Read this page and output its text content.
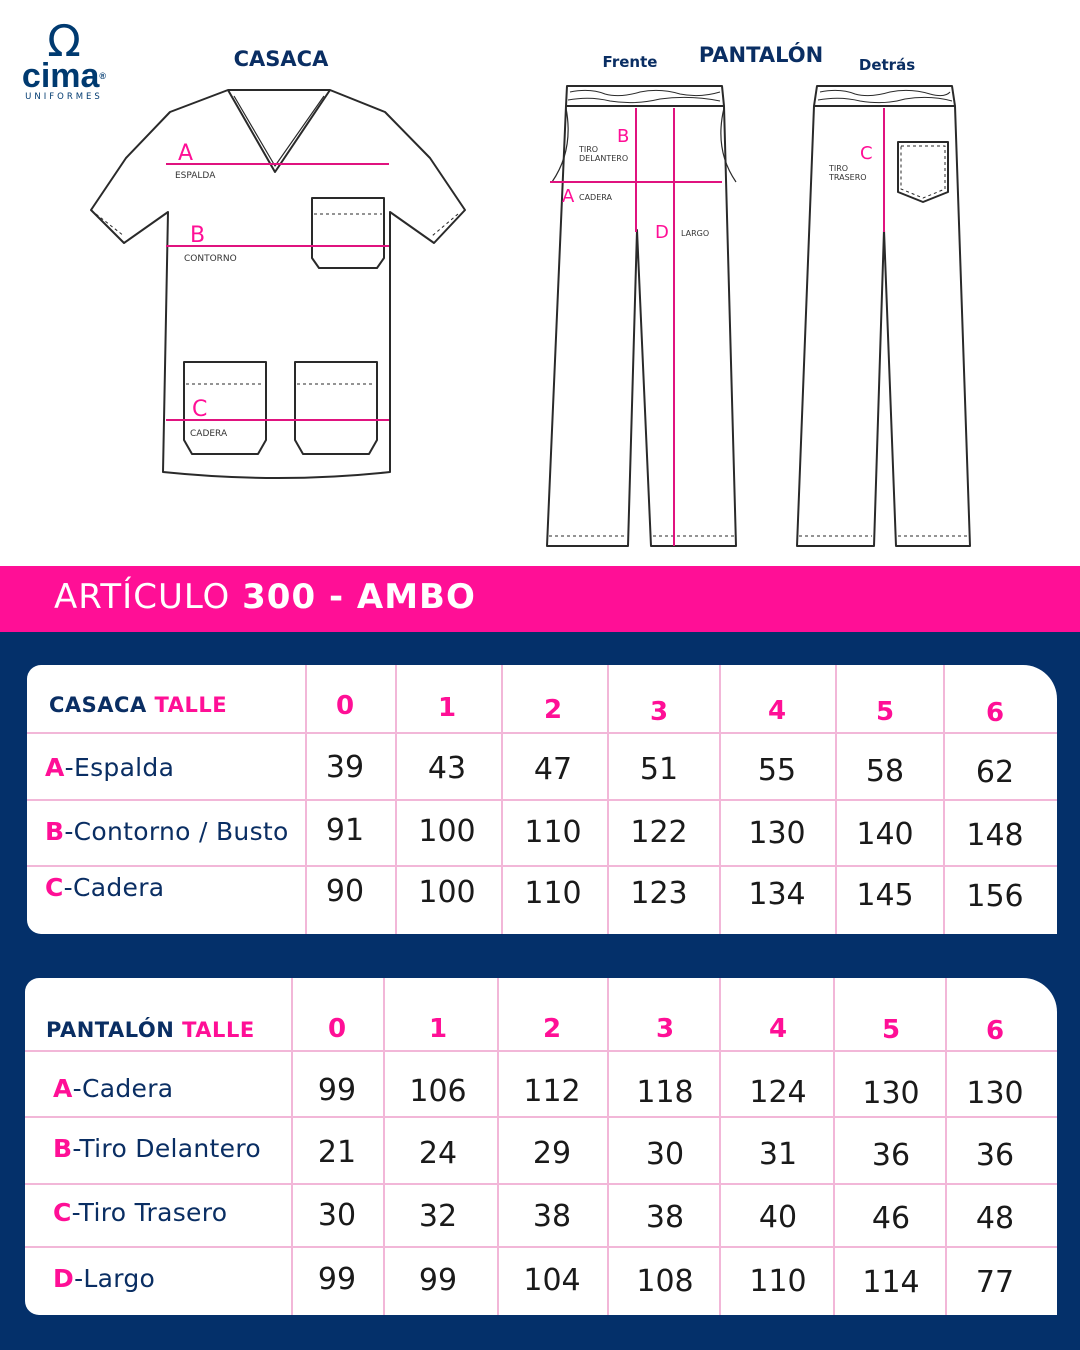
Ω
cima®
UNIFORMES
CASACA	PANTALÓN
Frente	Detrás
A
ESPALDA
B
CONTORNO
C
CADERA
A CADERA
B
TIRO
DELANTERO
D LARGO
C
TIRO
TRASERO
ARTÍCULO 300 - AMBO
CASACA TALLE	0	1	2	3	4	5	6
A-Espalda	39	43	47	51	55	58	62
B-Contorno / Busto	91	100	110	122	130	140	148
C-Cadera	90	100	110	123	134	145	156
PANTALÓN TALLE	0	1	2	3	4	5	6
A-Cadera	99	106	112	118	124	130	130
B-Tiro Delantero	21	24	29	30	31	36	36
C-Tiro Trasero	30	32	38	38	40	46	48
D-Largo	99	99	104	108	110	114	77
